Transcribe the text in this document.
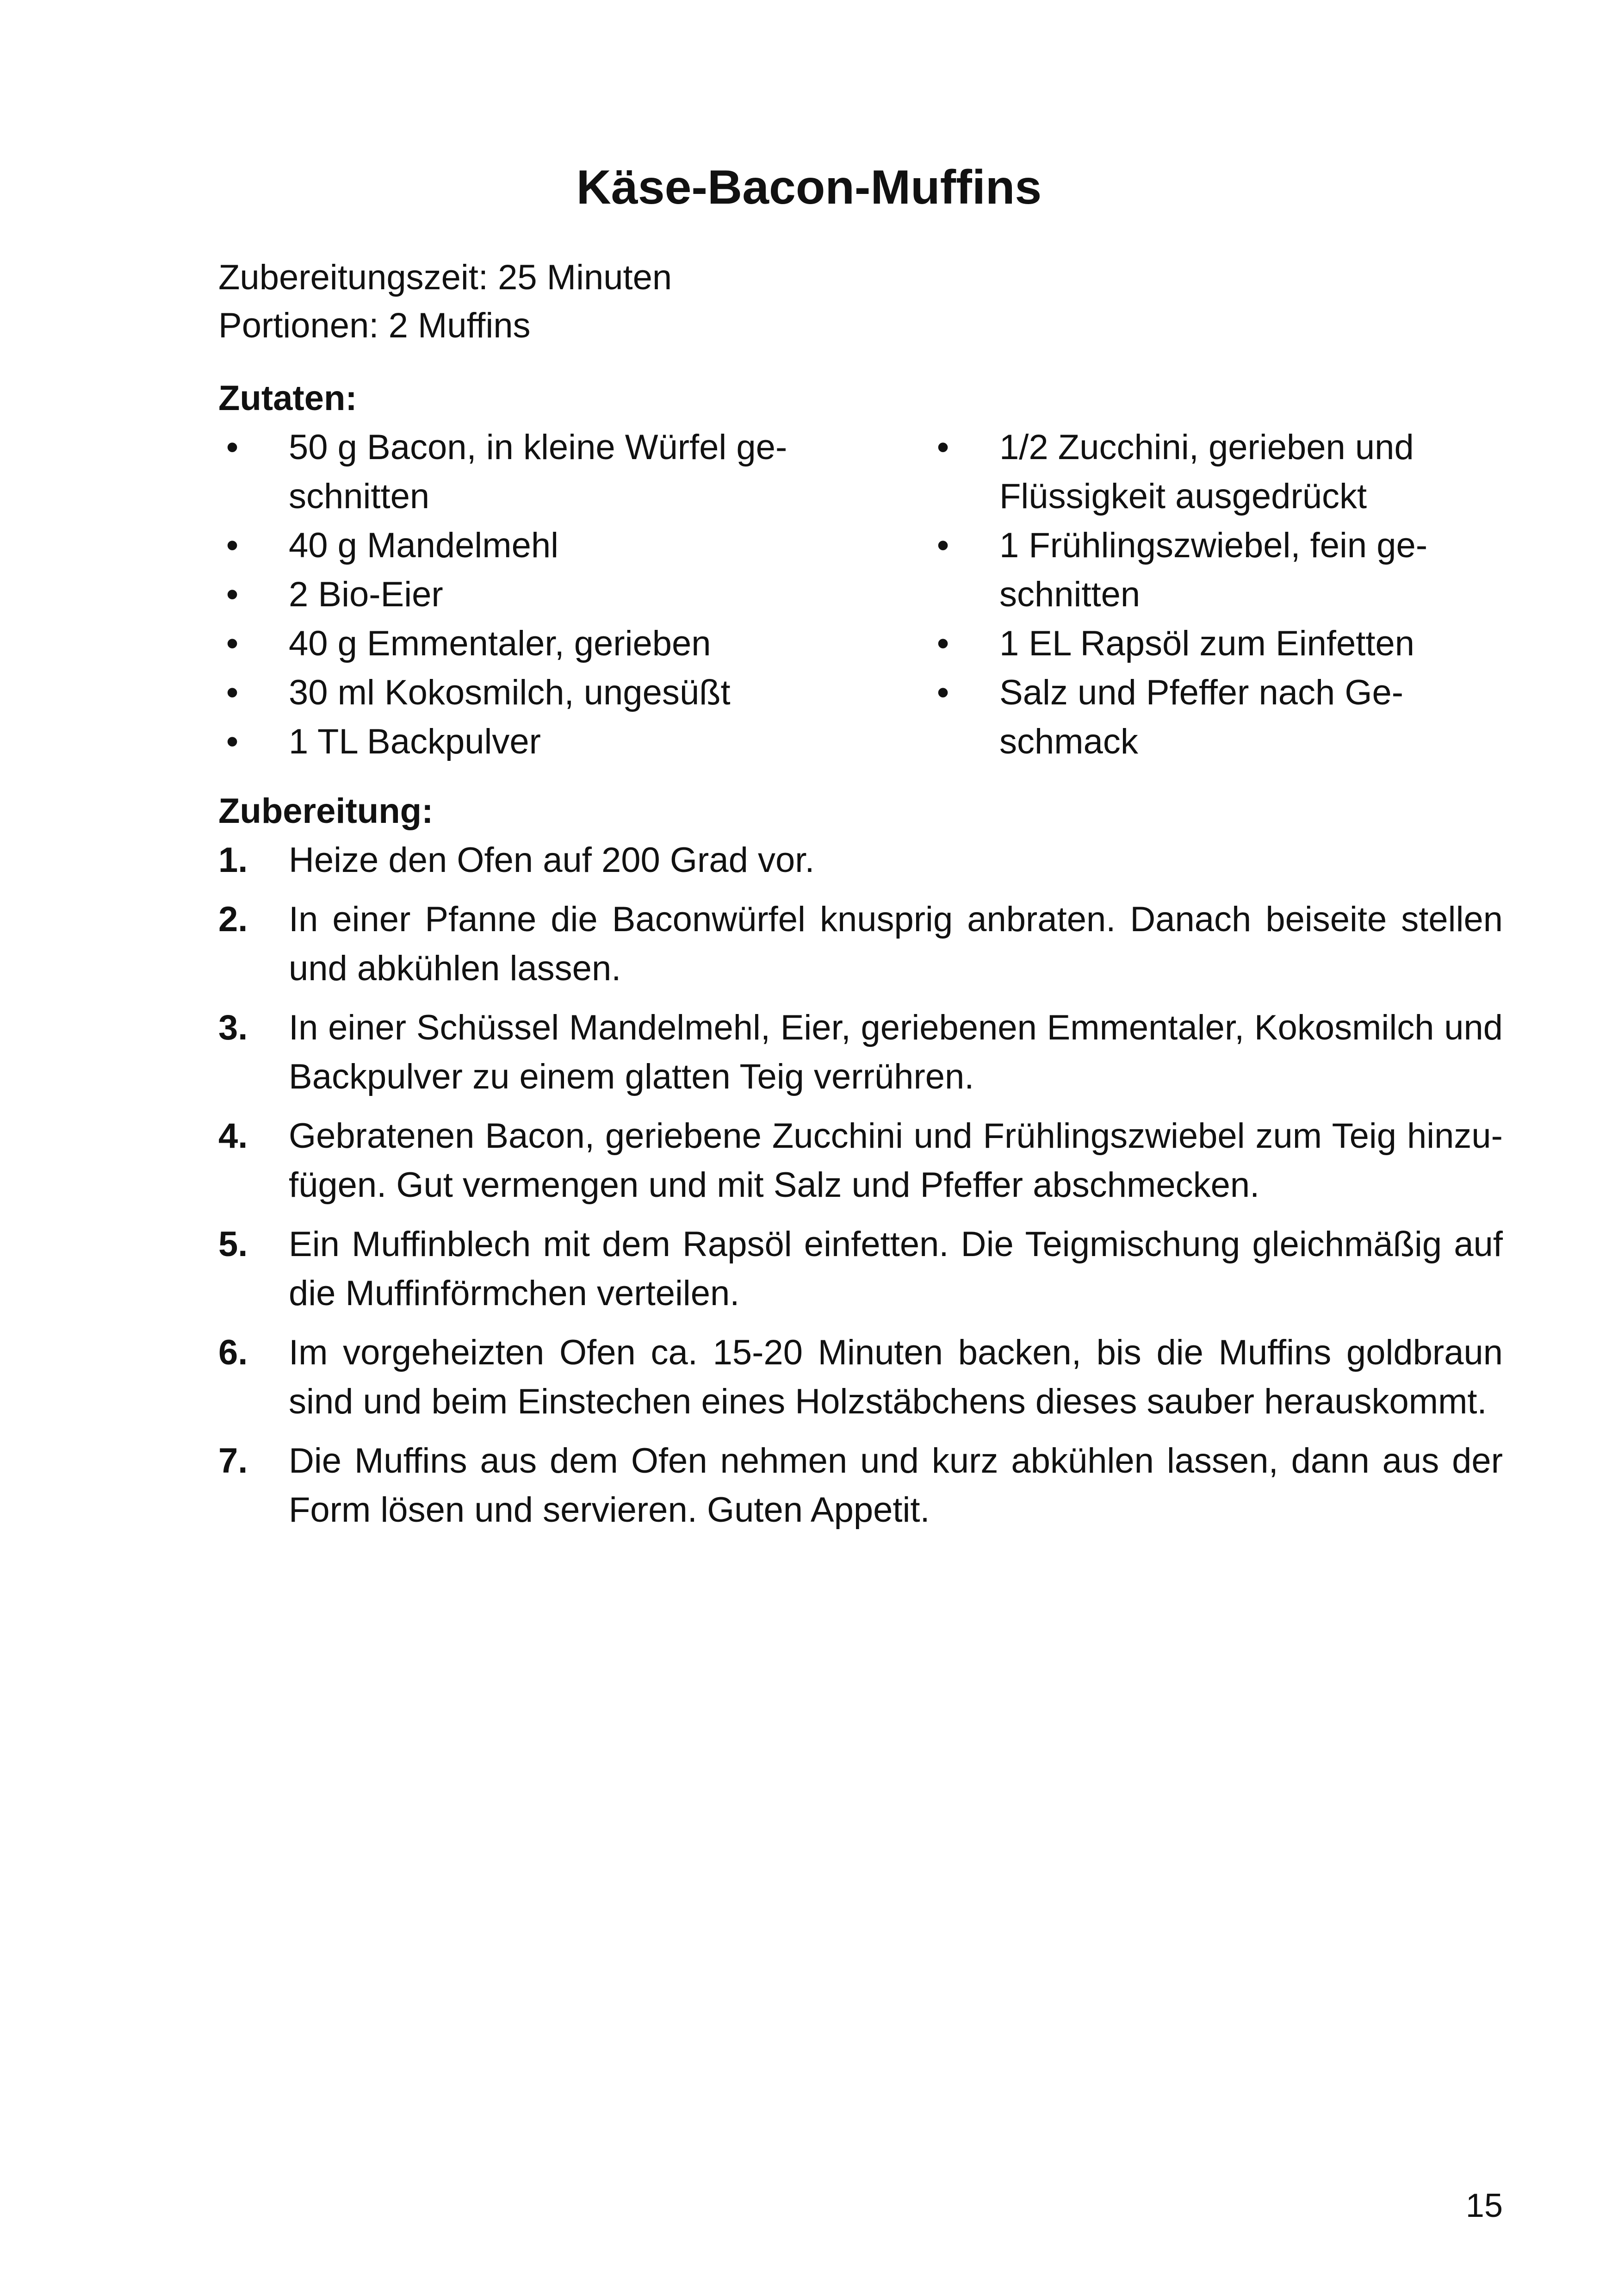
Käse-Bacon-Muffins
Zubereitungszeit: 25 Minuten
Portionen: 2 Muffins
Zutaten:
• 50 g Bacon, in kleine Würfel ge-schnitten
• 40 g Mandelmehl
• 2 Bio-Eier
• 40 g Emmentaler, gerieben
• 30 ml Kokosmilch, ungesüßt
• 1 TL Backpulver
• 1/2 Zucchini, gerieben und Flüssigkeit ausgedrückt
• 1 Frühlingszwiebel, fein ge-schnitten
• 1 EL Rapsöl zum Einfetten
• Salz und Pfeffer nach Ge-schmack
Zubereitung:
1. Heize den Ofen auf 200 Grad vor.
2. In einer Pfanne die Baconwürfel knusprig anbraten. Danach beiseite stellen und abkühlen lassen.
3. In einer Schüssel Mandelmehl, Eier, geriebenen Emmentaler, Kokosmilch und Backpulver zu einem glatten Teig verrühren.
4. Gebratenen Bacon, geriebene Zucchini und Frühlingszwiebel zum Teig hinzu-fügen. Gut vermengen und mit Salz und Pfeffer abschmecken.
5. Ein Muffinblech mit dem Rapsöl einfetten. Die Teigmischung gleichmäßig auf die Muffinförmchen verteilen.
6. Im vorgeheizten Ofen ca. 15-20 Minuten backen, bis die Muffins goldbraun sind und beim Einstechen eines Holzstäbchens dieses sauber herauskommt.
7. Die Muffins aus dem Ofen nehmen und kurz abkühlen lassen, dann aus der Form lösen und servieren. Guten Appetit.
15
